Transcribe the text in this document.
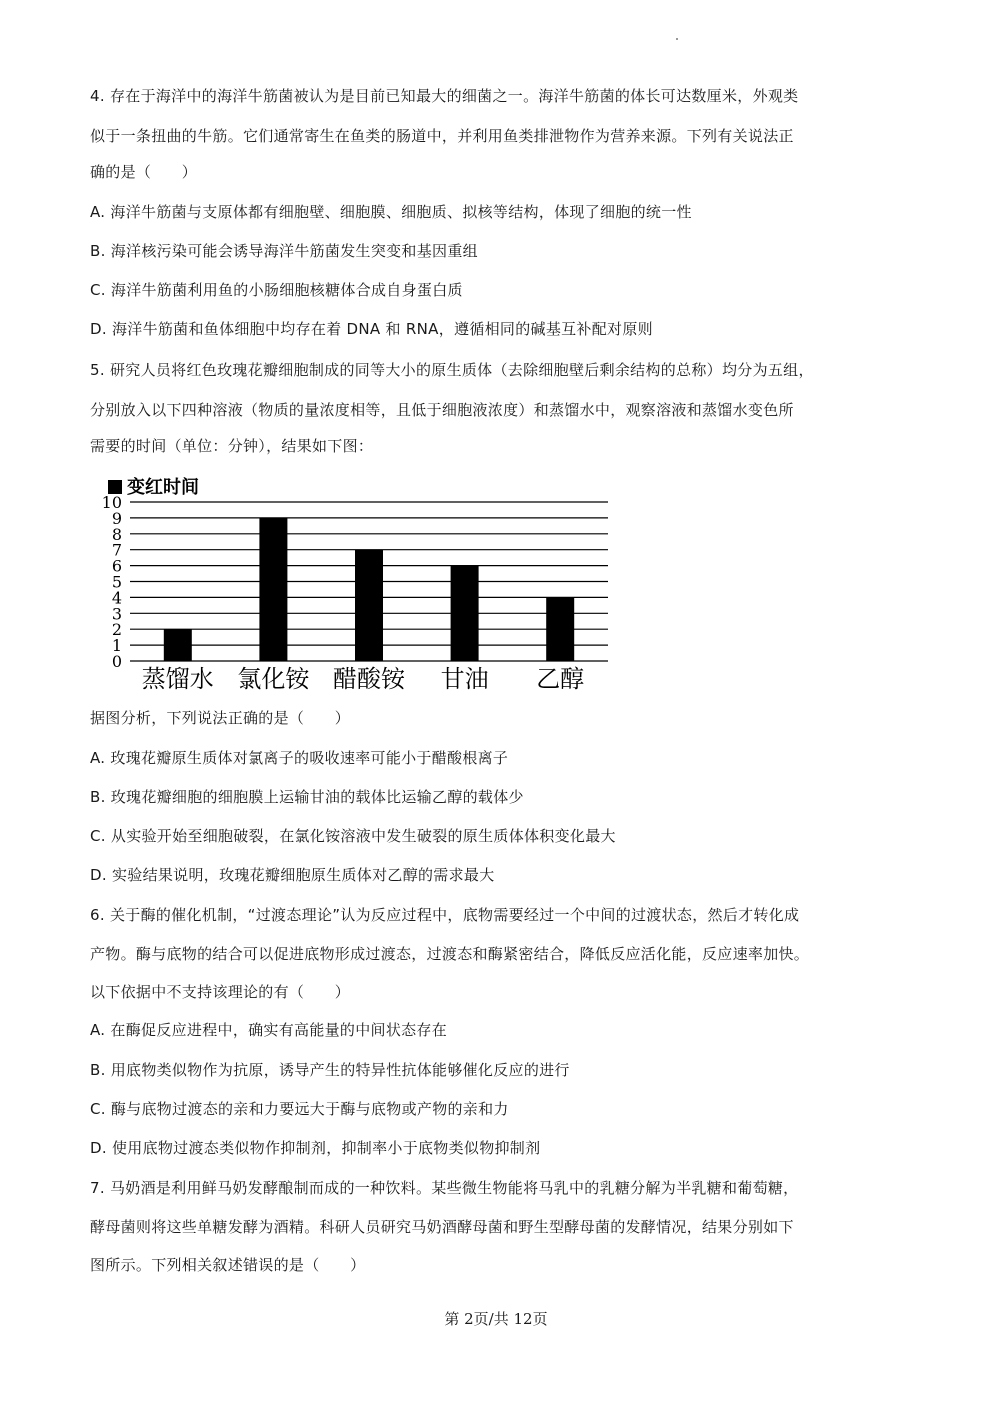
4. 存在于海洋中的海洋牛筋菌被认为是目前已知最大的细菌之一。海洋牛筋菌的体长可达数厘米，外观类
似于一条扭曲的牛筋。它们通常寄生在鱼类的肠道中，并利用鱼类排泄物作为营养来源。下列有关说法正
确的是（　　）
A. 海洋牛筋菌与支原体都有细胞壁、细胞膜、细胞质、拟核等结构，体现了细胞的统一性
B. 海洋核污染可能会诱导海洋牛筋菌发生突变和基因重组
C. 海洋牛筋菌利用鱼的小肠细胞核糖体合成自身蛋白质
D. 海洋牛筋菌和鱼体细胞中均存在着 DNA 和 RNA，遵循相同的碱基互补配对原则
5. 研究人员将红色玫瑰花瓣细胞制成的同等大小的原生质体（去除细胞壁后剩余结构的总称）均分为五组，
分别放入以下四种溶液（物质的量浓度相等，且低于细胞液浓度）和蒸馏水中，观察溶液和蒸馏水变色所
需要的时间（单位：分钟），结果如下图：
变红时间
0
1
2
3
4
5
6
7
8
9
10
蒸馏水 氯化铵 醋酸铵 甘油 乙醇
据图分析，下列说法正确的是（　　）
A. 玫瑰花瓣原生质体对氯离子的吸收速率可能小于醋酸根离子
B. 玫瑰花瓣细胞的细胞膜上运输甘油的载体比运输乙醇的载体少
C. 从实验开始至细胞破裂，在氯化铵溶液中发生破裂的原生质体体积变化最大
D. 实验结果说明，玫瑰花瓣细胞原生质体对乙醇的需求最大
6. 关于酶的催化机制，“过渡态理论”认为反应过程中，底物需要经过一个中间的过渡状态，然后才转化成
产物。酶与底物的结合可以促进底物形成过渡态，过渡态和酶紧密结合，降低反应活化能，反应速率加快。
以下依据中不支持该理论的有（　　）
A. 在酶促反应进程中，确实有高能量的中间状态存在
B. 用底物类似物作为抗原，诱导产生的特异性抗体能够催化反应的进行
C. 酶与底物过渡态的亲和力要远大于酶与底物或产物的亲和力
D. 使用底物过渡态类似物作抑制剂，抑制率小于底物类似物抑制剂
7. 马奶酒是利用鲜马奶发酵酿制而成的一种饮料。某些微生物能将马乳中的乳糖分解为半乳糖和葡萄糖，
酵母菌则将这些单糖发酵为酒精。科研人员研究马奶酒酵母菌和野生型酵母菌的发酵情况，结果分别如下
图所示。下列相关叙述错误的是（　　）
第 2页/共 12页
